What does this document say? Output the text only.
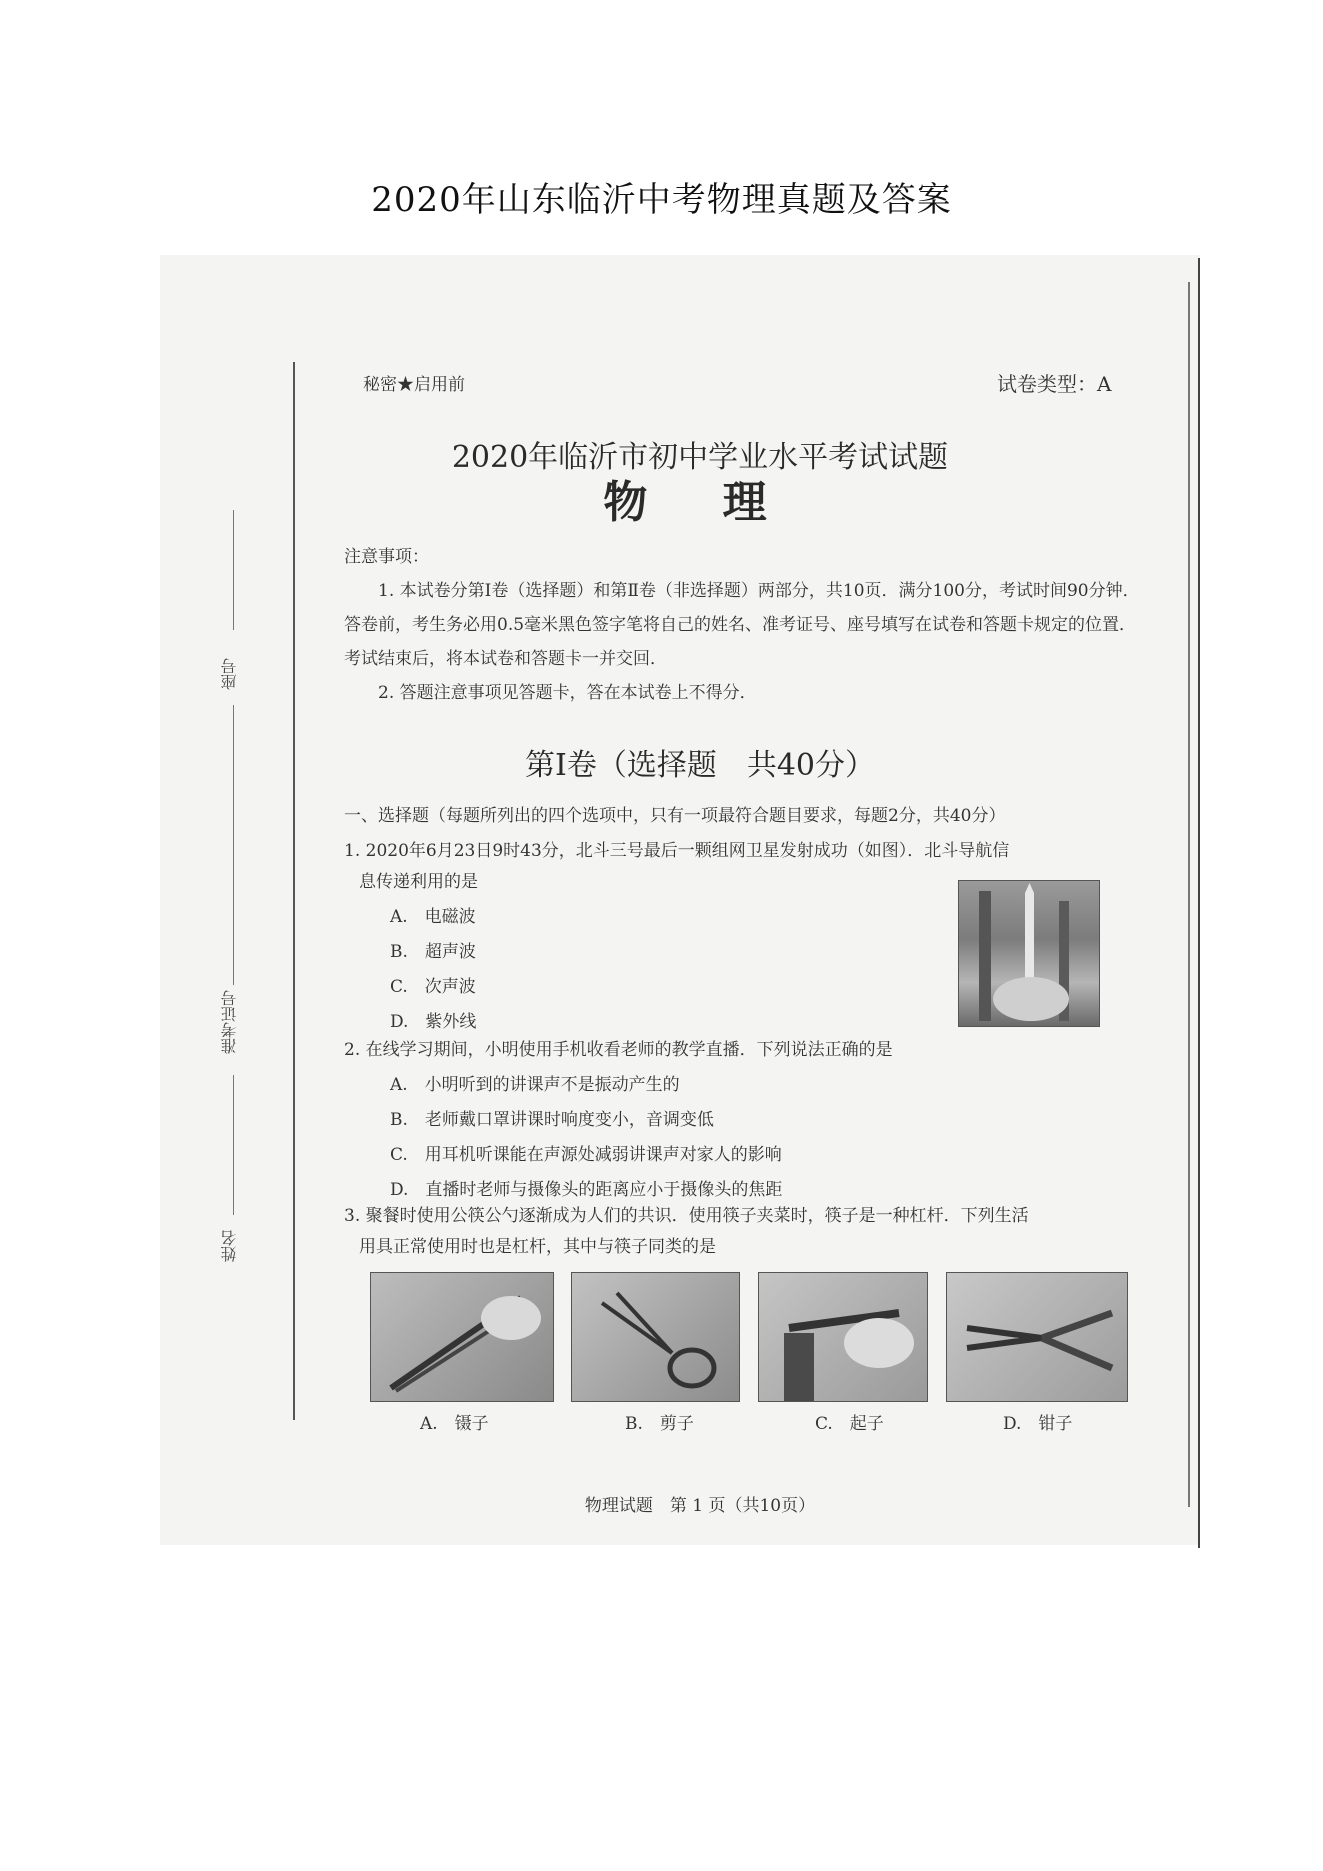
2020年山东临沂中考物理真题及答案
座号
准考证号
姓名
秘密★启用前	试卷类型：A
2020年临沂市初中学业水平考试试题
物 理

注意事项：

1. 本试卷分第Ⅰ卷（选择题）和第Ⅱ卷（非选择题）两部分，共10页．满分100分，考试时间90分钟．答卷前，考生务必用0.5毫米黑色签字笔将自己的姓名、准考证号、座号填写在试卷和答题卡规定的位置．考试结束后，将本试卷和答题卡一并交回．

2. 答题注意事项见答题卡，答在本试卷上不得分．

第Ⅰ卷（选择题　共40分）

一、选择题（每题所列出的四个选项中，只有一项最符合题目要求，每题2分，共40分）

1. 2020年6月23日9时43分，北斗三号最后一颗组网卫星发射成功（如图）．北斗导航信

息传递利用的是

A.　电磁波

B.　超声波

C.　次声波

D.　紫外线

2. 在线学习期间，小明使用手机收看老师的教学直播．下列说法正确的是

A.　小明听到的讲课声不是振动产生的

B.　老师戴口罩讲课时响度变小，音调变低

C.　用耳机听课能在声源处减弱讲课声对家人的影响

D.　直播时老师与摄像头的距离应小于摄像头的焦距

3. 聚餐时使用公筷公勺逐渐成为人们的共识．使用筷子夹菜时，筷子是一种杠杆．下列生活

用具正常使用时也是杠杆，其中与筷子同类的是

A.　镊子	B.　剪子	C.　起子	D.　钳子
物理试题　第 1 页（共10页）
